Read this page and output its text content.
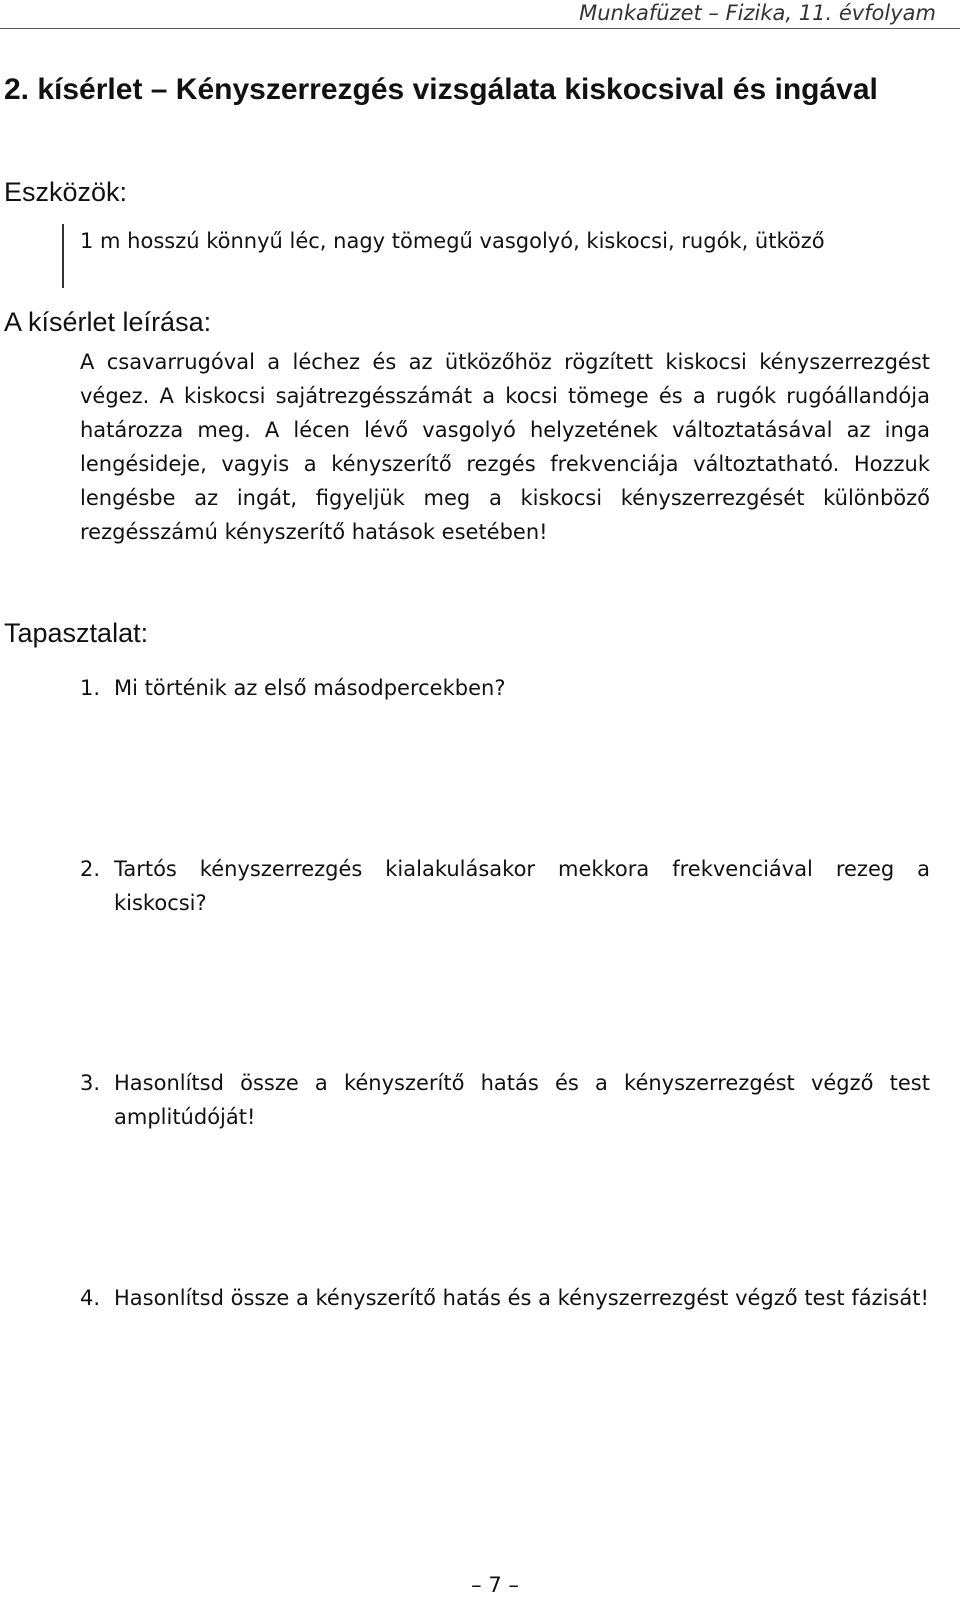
Munkafüzet – Fizika, 11. évfolyam
2. kísérlet – Kényszerrezgés vizsgálata kiskocsival és ingával
Eszközök:

1 m hosszú könnyű léc, nagy tömegű vasgolyó, kiskocsi, rugók, ütköző

A kísérlet leírása:

A csavarrugóval a léchez és az ütközőhöz rögzített kiskocsi kényszerrezgést végez. A kiskocsi sajátrezgésszámát a kocsi tömege és a rugók rugóállandója határozza meg. A lécen lévő vasgolyó helyzetének változtatásával az inga lengésideje, vagyis a kényszerítő rezgés frekvenciája változtatható. Hozzuk lengésbe az ingát, figyeljük meg a kiskocsi kényszerrezgését különböző rezgésszámú kényszerítő hatások esetében!

Tapasztalat:
1. Mi történik az első másodpercekben?
2. Tartós kényszerrezgés kialakulásakor mekkora frekvenciával rezeg a kiskocsi?
3. Hasonlítsd össze a kényszerítő hatás és a kényszerrezgést végző test amplitúdóját!
4. Hasonlítsd össze a kényszerítő hatás és a kényszerrezgést végző test fázisát!
– 7 –
